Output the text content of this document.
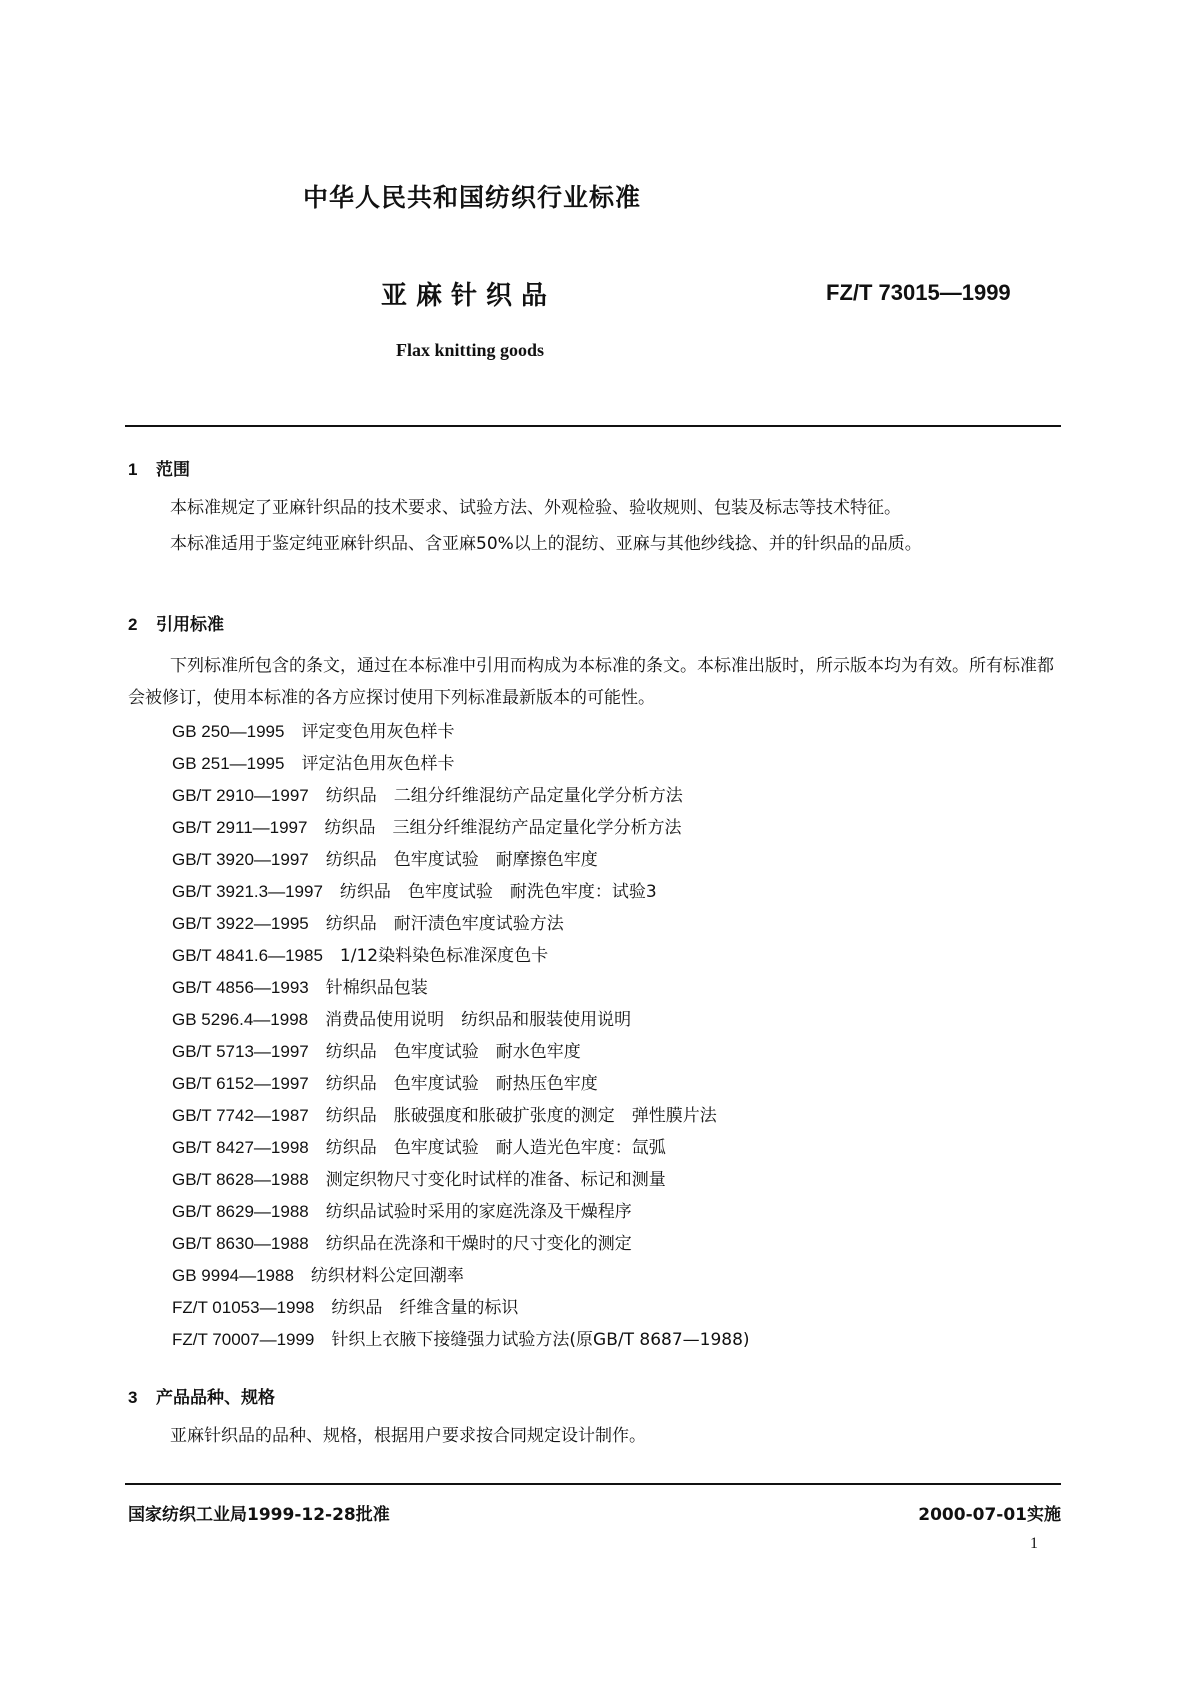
中华人民共和国纺织行业标准
亚麻针织品	FZ/T 73015—1999
Flax knitting goods
1 范围
本标准规定了亚麻针织品的技术要求、试验方法、外观检验、验收规则、包装及标志等技术特征。
本标准适用于鉴定纯亚麻针织品、含亚麻50%以上的混纺、亚麻与其他纱线捻、并的针织品的品质。
2 引用标准
下列标准所包含的条文，通过在本标准中引用而构成为本标准的条文。本标准出版时，所示版本均为有效。所有标准都会被修订，使用本标准的各方应探讨使用下列标准最新版本的可能性。
GB 250—1995　 评定变色用灰色样卡
GB 251—1995　 评定沾色用灰色样卡
GB/T 2910—1997　 纺织品　二组分纤维混纺产品定量化学分析方法
GB/T 2911—1997　 纺织品　三组分纤维混纺产品定量化学分析方法
GB/T 3920—1997　 纺织品　色牢度试验　耐摩擦色牢度
GB/T 3921.3—1997　 纺织品　色牢度试验　耐洗色牢度：试验3
GB/T 3922—1995　 纺织品　耐汗渍色牢度试验方法
GB/T 4841.6—1985　 1/12染料染色标准深度色卡
GB/T 4856—1993　 针棉织品包装
GB 5296.4—1998　 消费品使用说明　纺织品和服装使用说明
GB/T 5713—1997　 纺织品　色牢度试验　耐水色牢度
GB/T 6152—1997　 纺织品　色牢度试验　耐热压色牢度
GB/T 7742—1987　 纺织品　胀破强度和胀破扩张度的测定　弹性膜片法
GB/T 8427—1998　 纺织品　色牢度试验　耐人造光色牢度：氙弧
GB/T 8628—1988　 测定织物尺寸变化时试样的准备、标记和测量
GB/T 8629—1988　 纺织品试验时采用的家庭洗涤及干燥程序
GB/T 8630—1988　 纺织品在洗涤和干燥时的尺寸变化的测定
GB 9994—1988　 纺织材料公定回潮率
FZ/T 01053—1998　 纺织品　纤维含量的标识
FZ/T 70007—1999　 针织上衣腋下接缝强力试验方法(原GB/T 8687—1988)
3 产品品种、规格
亚麻针织品的品种、规格，根据用户要求按合同规定设计制作。
国家纺织工业局1999-12-28批准	2000-07-01实施
1
